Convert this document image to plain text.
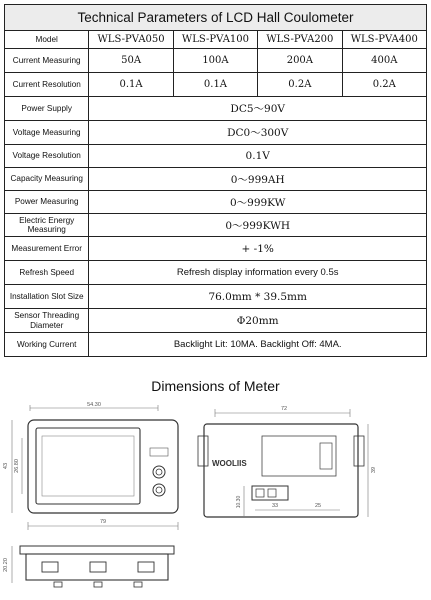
Technical Parameters of LCD Hall Coulometer				
Model	WLS-PVA050	WLS-PVA100	WLS-PVA200	WLS-PVA400
Current Measuring	50A	100A	200A	400A
Current Resolution	0.1A	0.1A	0.2A	0.2A
Power Supply	DC5～90V			
Voltage Measuring	DC0～300V			
Voltage Resolution	0.1V			
Capacity Measuring	0～999AH			
Power Measuring	0～999KW			
Electric Energy Measuring	0～999KWH			
Measurement Error	+ -1%			
Refresh Speed	Refresh display information every 0.5s			
Installation Slot Size	76.0mm * 39.5mm			
Sensor Threading Diameter	Φ20mm			
Working Current	Backlight Lit: 10MA. Backlight Off: 4MA.			
Dimensions of Meter
54.30
43 26.80
79
72
WOOLIIS
10.30
39
33	25
20.20
